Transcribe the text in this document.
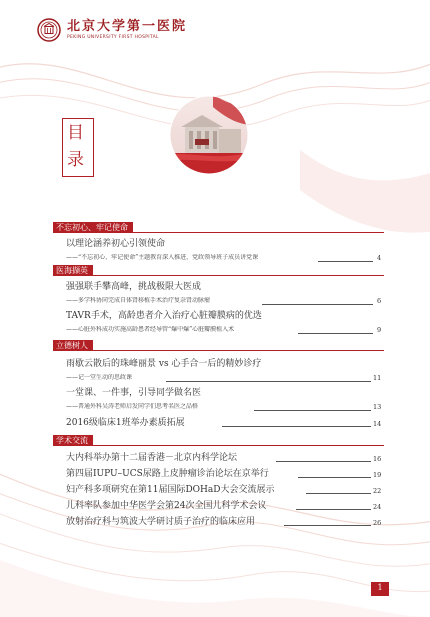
北京大学第一医院
PEKING UNIVERSITY FIRST HOSPITAL
目
录
不忘初心、牢记使命
以理论涵养初心引领使命
——“不忘初心、牢记使命”主题教育深入推进，党政领导班子成员讲党课	4
医海撷英
强强联手攀高峰，挑战极限大医成
——多学科协同完成自体肾移植手术治疗复杂肾动脉瘤	6
TAVR手术，高龄患者介入治疗心脏瓣膜病的优选
——心脏外科成功实施高龄患者经导管“爆中爆”心脏瓣膜植入术	9
立德树人
雨歇云散后的珠峰丽景 vs 心手合一后的精妙诊疗
——记一堂生动的思政课	11
一堂课、一件事，引导同学做名医
——普通外科吴涛老师启发同学们思考名医之品格	13
2016级临床1班举办素质拓展	14
学术交流
大内科举办第十二届香港－北京内科学论坛	16
第四届IUPU–UCS尿路上皮肿瘤诊治论坛在京举行	19
妇产科多项研究在第11届国际DOHaD大会交流展示	22
儿科率队参加中华医学会第24次全国儿科学术会议	24
放射治疗科与筑波大学研讨质子治疗的临床应用	26
1
